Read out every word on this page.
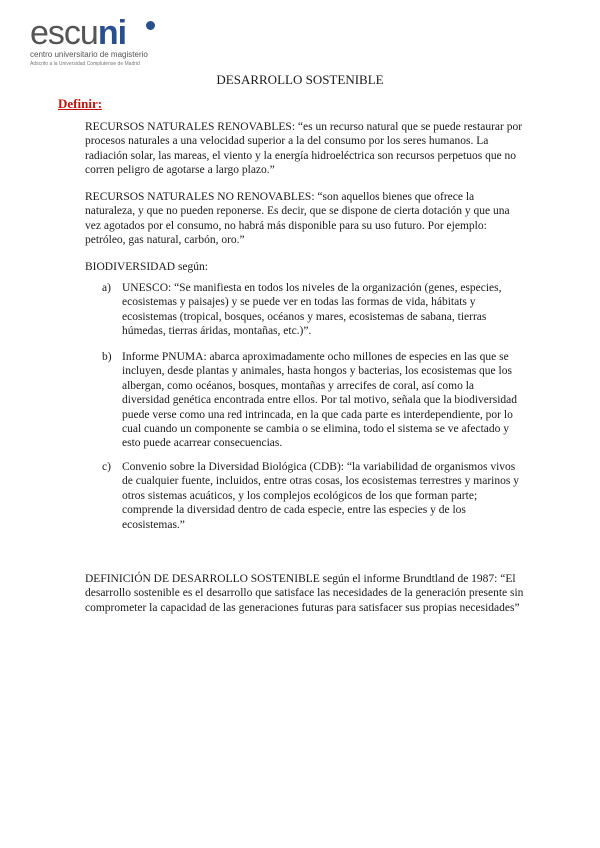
escuni
centro universitario de magisterio
Adscrito a la Universidad Complutense de Madrid
DESARROLLO SOSTENIBLE
Definir:
RECURSOS NATURALES RENOVABLES: “es un recurso natural que se puede restaurar por procesos naturales a una velocidad superior a la del consumo por los seres humanos. La radiación solar, las mareas, el viento y la energía hidroeléctrica son recursos perpetuos que no corren peligro de agotarse a largo plazo.”
RECURSOS NATURALES NO RENOVABLES: “son aquellos bienes que ofrece la naturaleza, y que no pueden reponerse. Es decir, que se dispone de cierta dotación y que una vez agotados por el consumo, no habrá más disponible para su uso futuro. Por ejemplo: petróleo, gas natural, carbón, oro.”
BIODIVERSIDAD según:
a) UNESCO: “Se manifiesta en todos los niveles de la organización (genes, especies, ecosistemas y paisajes) y se puede ver en todas las formas de vida, hábitats y ecosistemas (tropical, bosques, océanos y mares, ecosistemas de sabana, tierras húmedas, tierras áridas, montañas, etc.)”.
b) Informe PNUMA: abarca aproximadamente ocho millones de especies en las que se incluyen, desde plantas y animales, hasta hongos y bacterias, los ecosistemas que los albergan, como océanos, bosques, montañas y arrecifes de coral, así como la diversidad genética encontrada entre ellos. Por tal motivo, señala que la biodiversidad puede verse como una red intrincada, en la que cada parte es interdependiente, por lo cual cuando un componente se cambia o se elimina, todo el sistema se ve afectado y esto puede acarrear consecuencias.
c) Convenio sobre la Diversidad Biológica (CDB): “la variabilidad de organismos vivos de cualquier fuente, incluidos, entre otras cosas, los ecosistemas terrestres y marinos y otros sistemas acuáticos, y los complejos ecológicos de los que forman parte; comprende la diversidad dentro de cada especie, entre las especies y de los ecosistemas.”
DEFINICIÓN DE DESARROLLO SOSTENIBLE según el informe Brundtland de 1987: “El desarrollo sostenible es el desarrollo que satisface las necesidades de la generación presente sin comprometer la capacidad de las generaciones futuras para satisfacer sus propias necesidades”
